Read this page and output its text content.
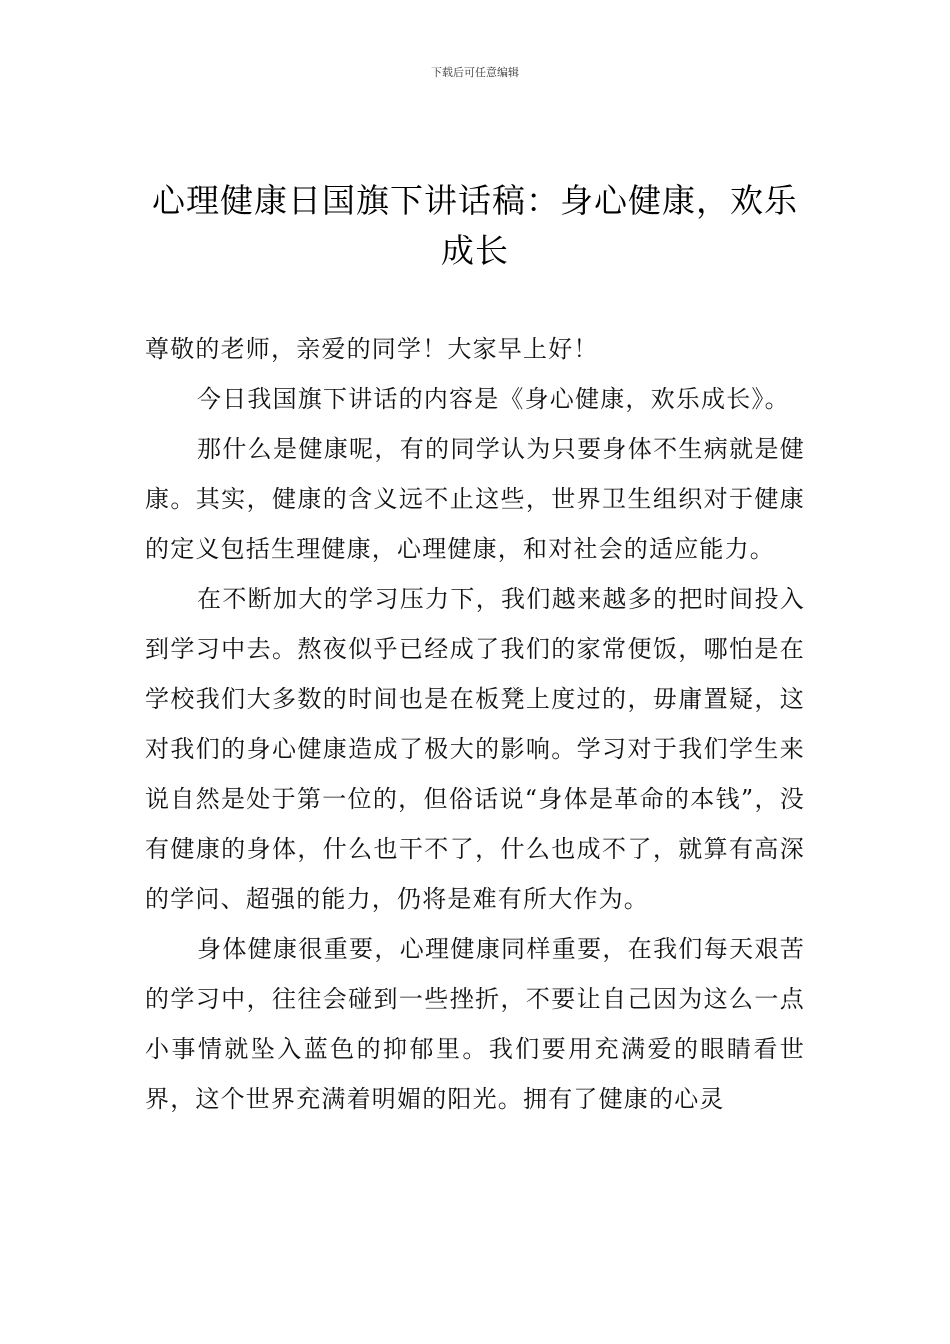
下载后可任意编辑
心理健康日国旗下讲话稿：身心健康，欢乐成长

尊敬的老师，亲爱的同学！大家早上好！

今日我国旗下讲话的内容是《身心健康，欢乐成长》。

那什么是健康呢，有的同学认为只要身体不生病就是健康。其实，健康的含义远不止这些，世界卫生组织对于健康的定义包括生理健康，心理健康，和对社会的适应能力。

在不断加大的学习压力下，我们越来越多的把时间投入到学习中去。熬夜似乎已经成了我们的家常便饭，哪怕是在学校我们大多数的时间也是在板凳上度过的，毋庸置疑，这对我们的身心健康造成了极大的影响。学习对于我们学生来说自然是处于第一位的，但俗话说“身体是革命的本钱”，没有健康的身体，什么也干不了，什么也成不了，就算有高深的学问、超强的能力，仍将是难有所大作为。

身体健康很重要，心理健康同样重要，在我们每天艰苦的学习中，往往会碰到一些挫折，不要让自己因为这么一点小事情就坠入蓝色的抑郁里。我们要用充满爱的眼睛看世界，这个世界充满着明媚的阳光。拥有了健康的心灵
